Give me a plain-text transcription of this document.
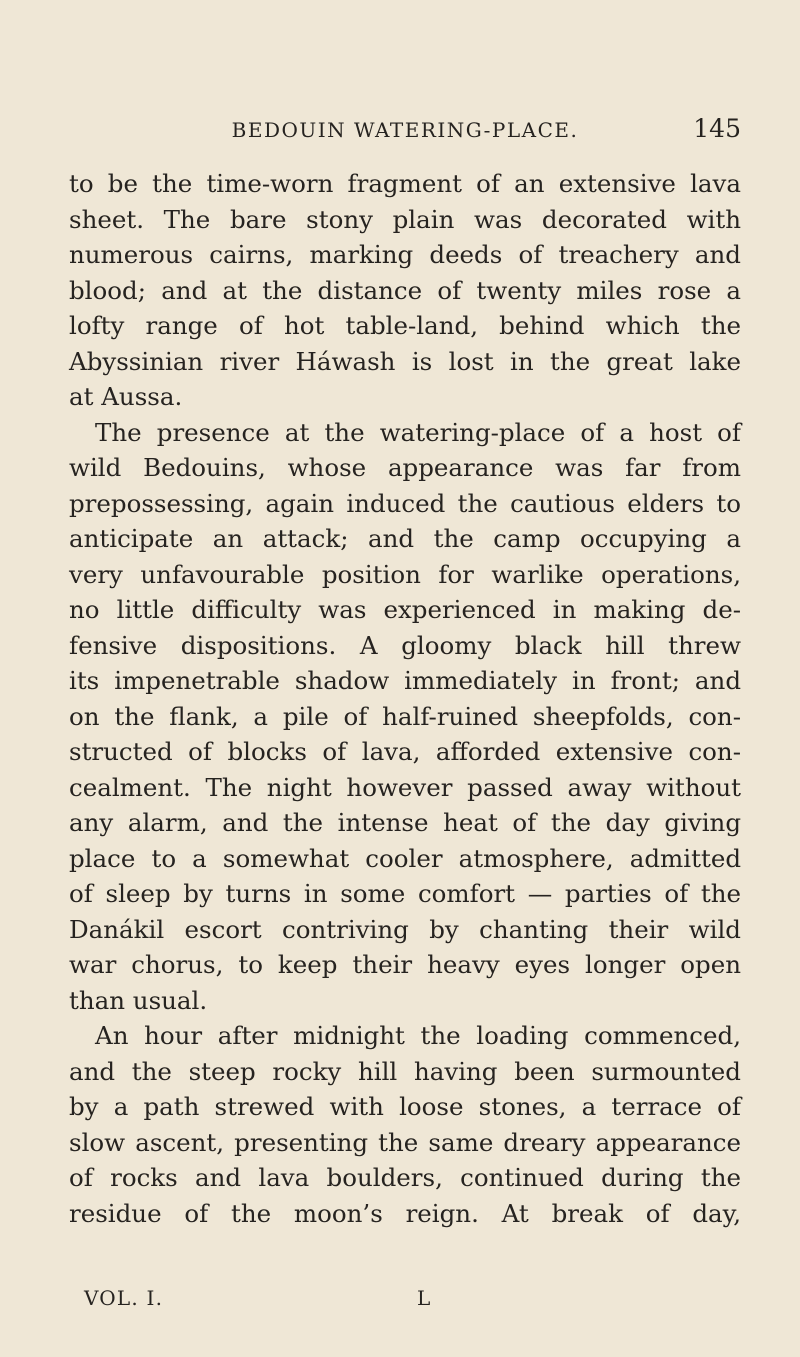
BEDOUIN WATERING-PLACE.	145
to be the time-worn fragment of an extensive lava
sheet. The bare stony plain was decorated with
numerous cairns, marking deeds of treachery and
blood; and at the distance of twenty miles rose a
lofty range of hot table-land, behind which the
Abyssinian river Háwash is lost in the great lake
at Aussa.
The presence at the watering-place of a host of
wild Bedouins, whose appearance was far from
prepossessing, again induced the cautious elders to
anticipate an attack; and the camp occupying a
very unfavourable position for warlike operations,
no little difficulty was experienced in making de-
fensive dispositions. A gloomy black hill threw
its impenetrable shadow immediately in front; and
on the flank, a pile of half-ruined sheepfolds, con-
structed of blocks of lava, afforded extensive con-
cealment. The night however passed away without
any alarm, and the intense heat of the day giving
place to a somewhat cooler atmosphere, admitted
of sleep by turns in some comfort — parties of the
Danákil escort contriving by chanting their wild
war chorus, to keep their heavy eyes longer open
than usual.
An hour after midnight the loading commenced,
and the steep rocky hill having been surmounted
by a path strewed with loose stones, a terrace of
slow ascent, presenting the same dreary appearance
of rocks and lava boulders, continued during the
residue of the moon’s reign. At break of day,
VOL. I.	L
